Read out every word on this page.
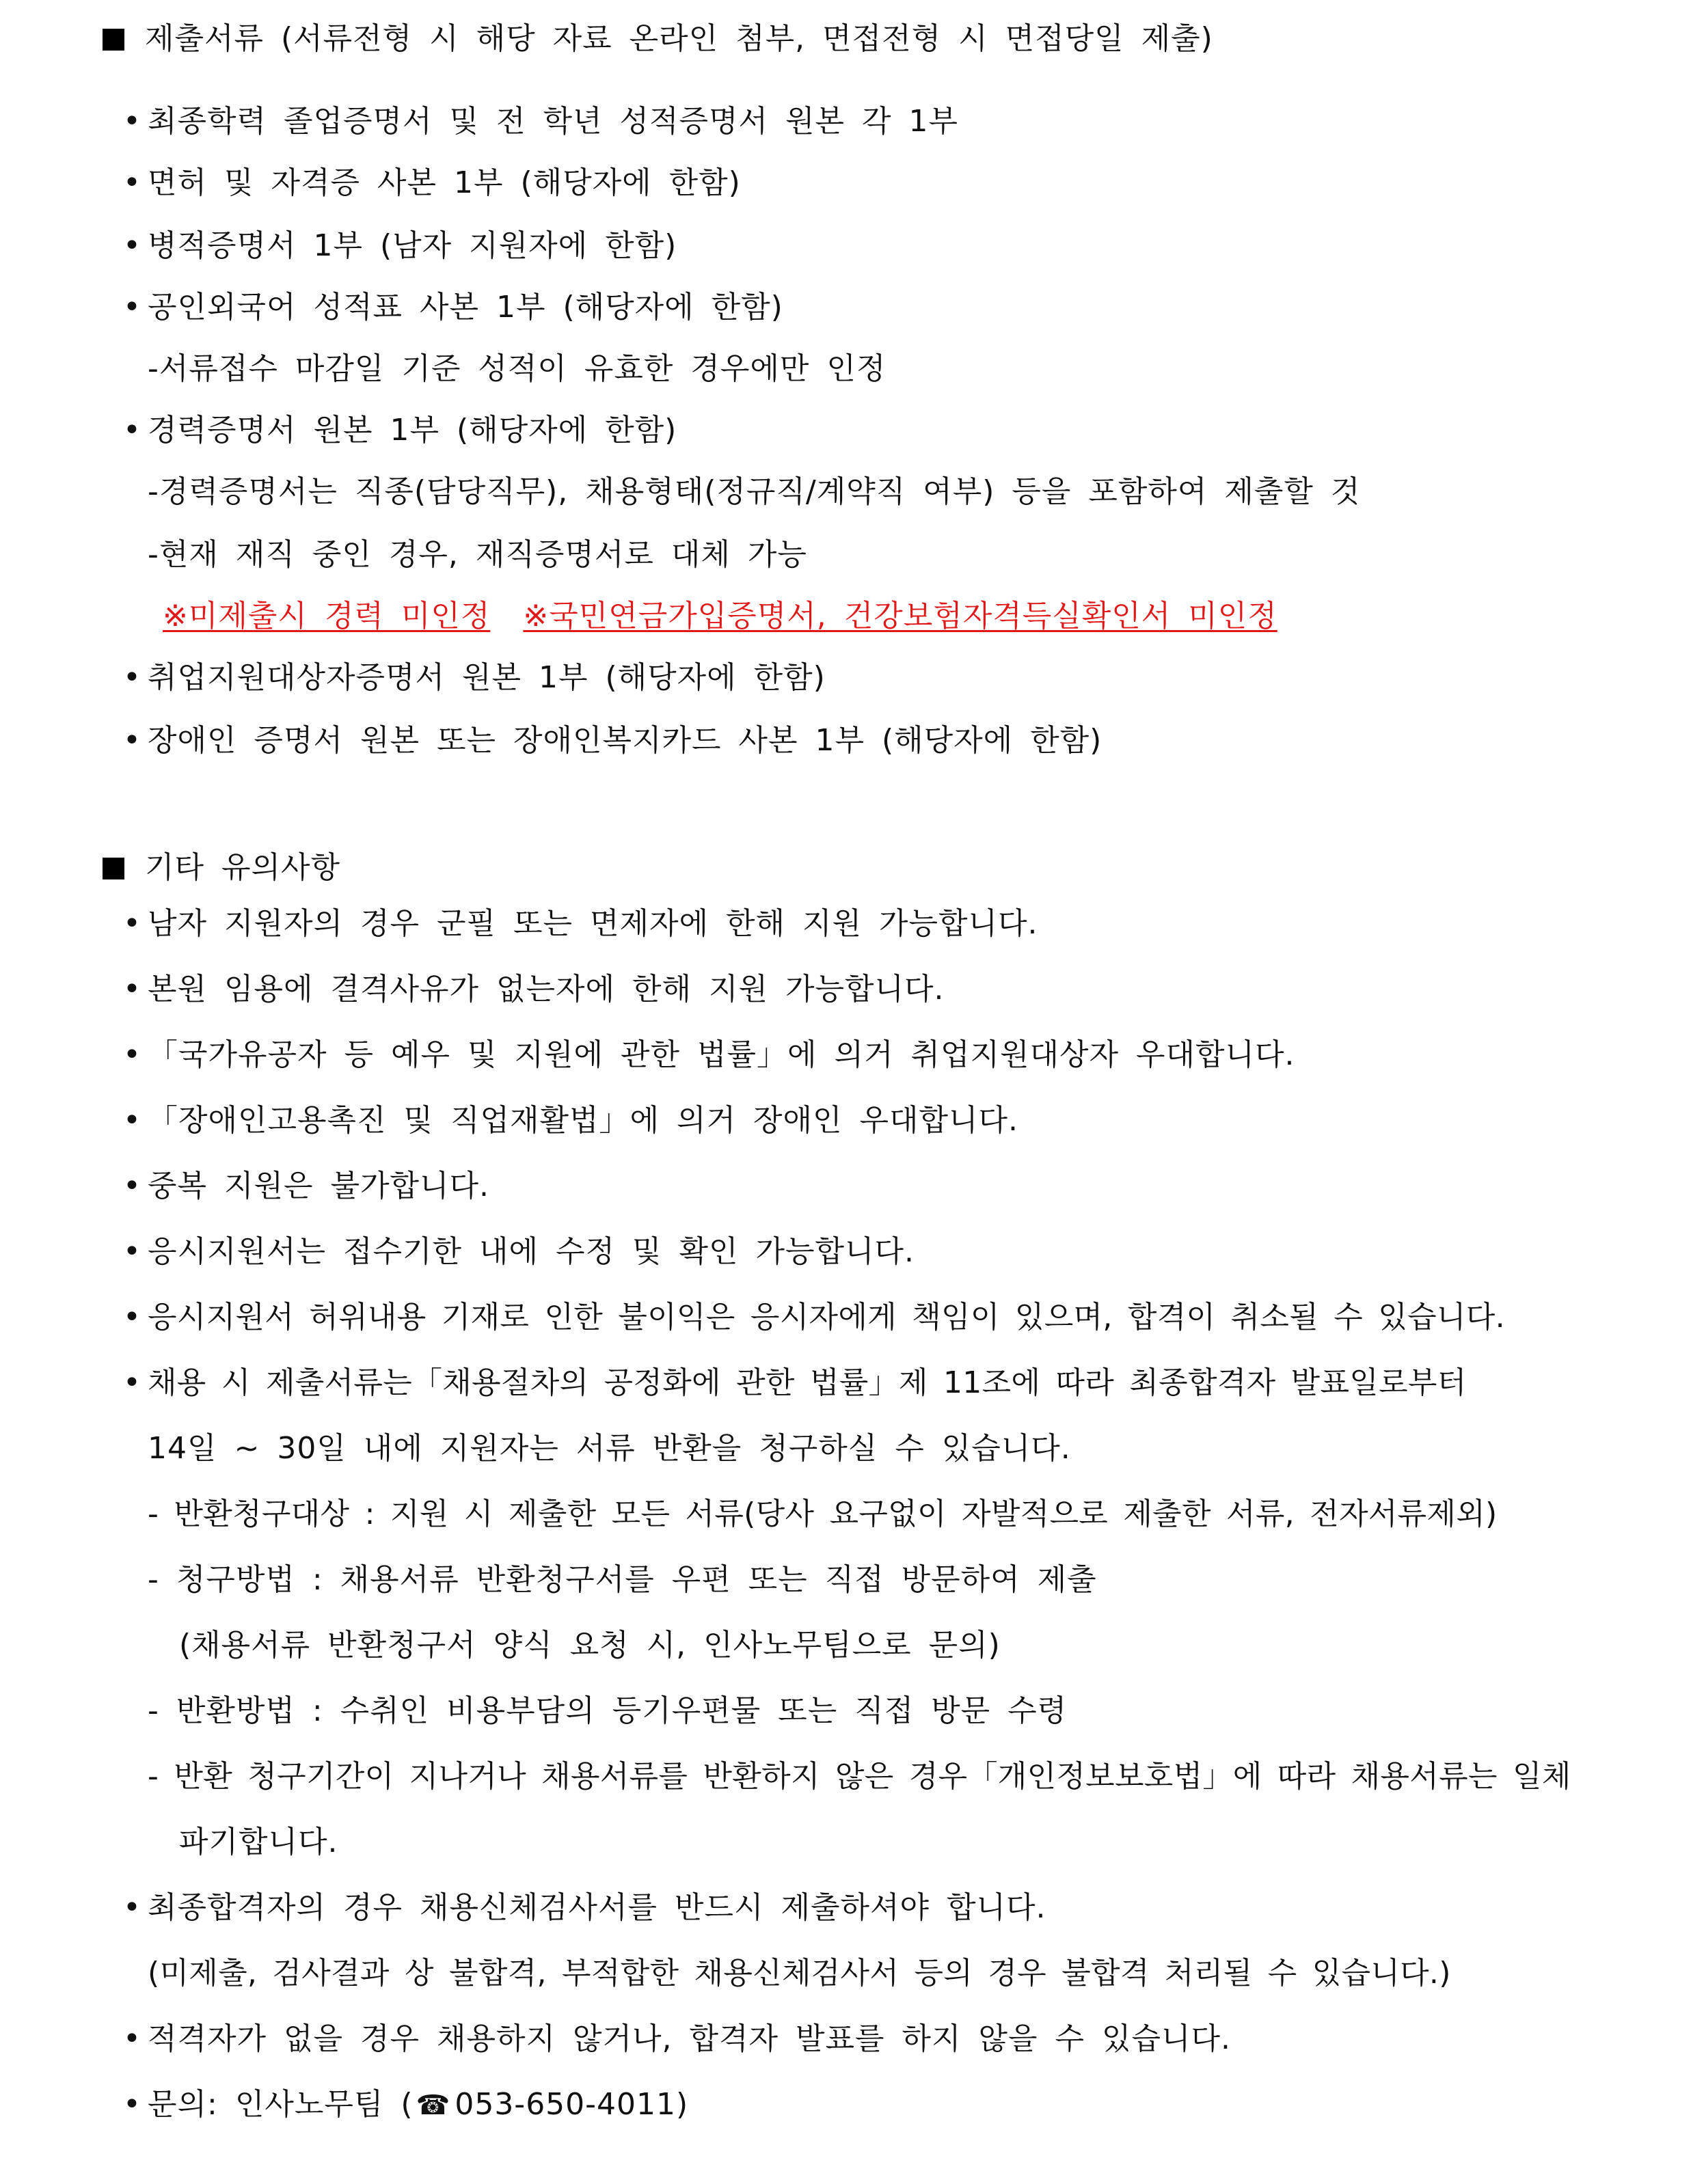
제출서류 (서류전형 시 해당 자료 온라인 첨부, 면접전형 시 면접당일 제출)
• 최종학력 졸업증명서 및 전 학년 성적증명서 원본 각 1부
• 면허 및 자격증 사본 1부 (해당자에 한함)
• 병적증명서 1부 (남자 지원자에 한함)
• 공인외국어 성적표 사본 1부 (해당자에 한함)
-서류접수 마감일 기준 성적이 유효한 경우에만 인정
• 경력증명서 원본 1부 (해당자에 한함)
-경력증명서는 직종(담당직무), 채용형태(정규직/계약직 여부) 등을 포함하여 제출할 것
-현재 재직 중인 경우, 재직증명서로 대체 가능
※미제출시 경력 미인정 ※국민연금가입증명서, 건강보험자격득실확인서 미인정
• 취업지원대상자증명서 원본 1부 (해당자에 한함)
• 장애인 증명서 원본 또는 장애인복지카드 사본 1부 (해당자에 한함)
기타 유의사항
• 남자 지원자의 경우 군필 또는 면제자에 한해 지원 가능합니다.
• 본원 임용에 결격사유가 없는자에 한해 지원 가능합니다.
• 「국가유공자 등 예우 및 지원에 관한 법률」에 의거 취업지원대상자 우대합니다.
• 「장애인고용촉진 및 직업재활법」에 의거 장애인 우대합니다.
• 중복 지원은 불가합니다.
• 응시지원서는 접수기한 내에 수정 및 확인 가능합니다.
• 응시지원서 허위내용 기재로 인한 불이익은 응시자에게 책임이 있으며, 합격이 취소될 수 있습니다.
• 채용 시 제출서류는「채용절차의 공정화에 관한 법률」제 11조에 따라 최종합격자 발표일로부터
14일 ~ 30일 내에 지원자는 서류 반환을 청구하실 수 있습니다.
- 반환청구대상 : 지원 시 제출한 모든 서류(당사 요구없이 자발적으로 제출한 서류, 전자서류제외)
- 청구방법 : 채용서류 반환청구서를 우편 또는 직접 방문하여 제출
(채용서류 반환청구서 양식 요청 시, 인사노무팀으로 문의)
- 반환방법 : 수취인 비용부담의 등기우편물 또는 직접 방문 수령
- 반환 청구기간이 지나거나 채용서류를 반환하지 않은 경우「개인정보보호법」에 따라 채용서류는 일체
파기합니다.
• 최종합격자의 경우 채용신체검사서를 반드시 제출하셔야 합니다.
(미제출, 검사결과 상 불합격, 부적합한 채용신체검사서 등의 경우 불합격 처리될 수 있습니다.)
• 적격자가 없을 경우 채용하지 않거나, 합격자 발표를 하지 않을 수 있습니다.
• 문의: 인사노무팀 ( ☎ 053-650-4011)
